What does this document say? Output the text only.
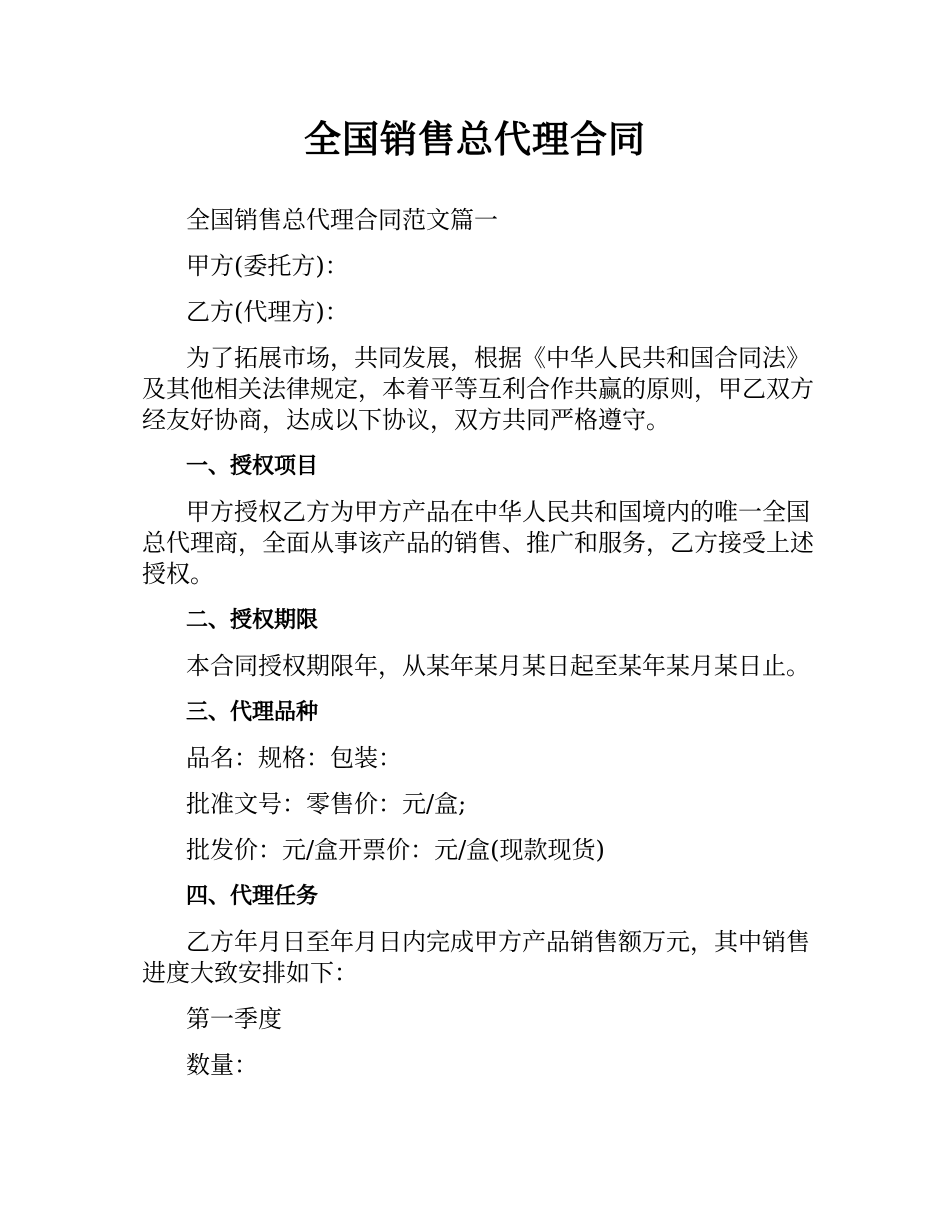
全国销售总代理合同

全国销售总代理合同范文篇一

甲方(委托方)：

乙方(代理方)：

为了拓展市场，共同发展，根据《中华人民共和国合同法》及其他相关法律规定，本着平等互利合作共赢的原则，甲乙双方经友好协商，达成以下协议，双方共同严格遵守。

一、授权项目

甲方授权乙方为甲方产品在中华人民共和国境内的唯一全国总代理商，全面从事该产品的销售、推广和服务，乙方接受上述授权。

二、授权期限

本合同授权期限年，从某年某月某日起至某年某月某日止。

三、代理品种

品名：规格：包装：

批准文号：零售价：元/盒;

批发价：元/盒开票价：元/盒(现款现货)

四、代理任务

乙方年月日至年月日内完成甲方产品销售额万元，其中销售进度大致安排如下：

第一季度

数量：
